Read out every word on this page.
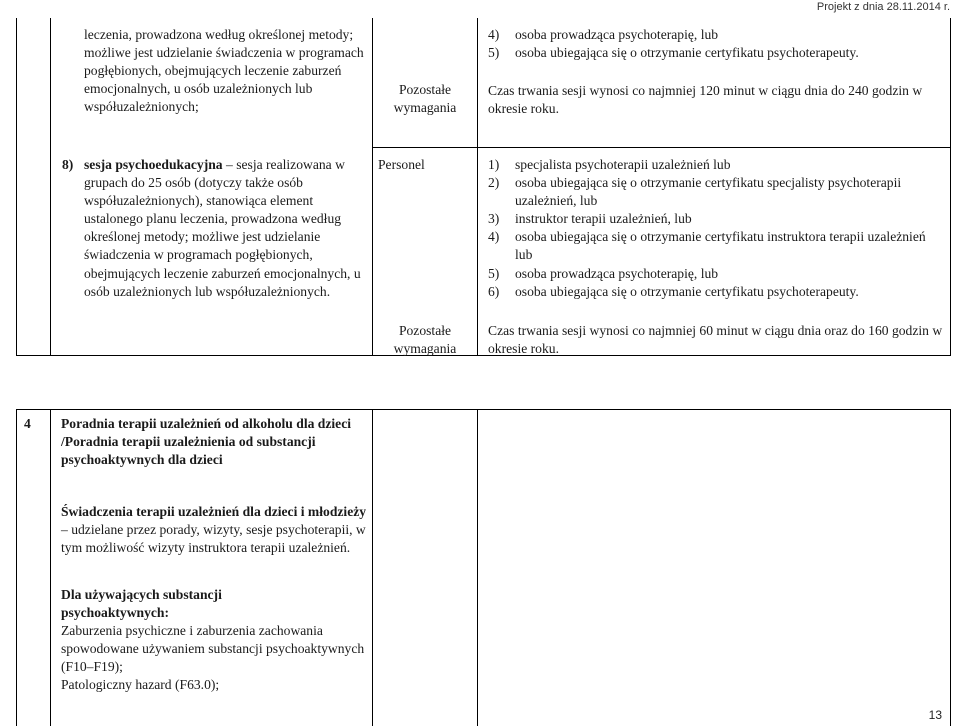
Projekt z dnia 28.11.2014 r.
leczenia, prowadzona według określonej metody; możliwe jest udzielanie świadczenia w programach pogłębionych, obejmujących leczenie zaburzeń emocjonalnych, u osób uzależnionych lub współuzależnionych;
Pozostałe wymagania
4) osoba prowadząca psychoterapię, lub
5) osoba ubiegająca się o otrzymanie certyfikatu psychoterapeuty.
Czas trwania sesji wynosi co najmniej 120 minut w ciągu dnia do 240 godzin w okresie roku.
8) sesja psychoedukacyjna – sesja realizowana w grupach do 25 osób (dotyczy także osób współuzależnionych), stanowiąca element ustalonego planu leczenia, prowadzona według określonej metody; możliwe jest udzielanie świadczenia w programach pogłębionych, obejmujących leczenie zaburzeń emocjonalnych, u osób uzależnionych lub współuzależnionych.
Personel
Pozostałe wymagania
1) specjalista psychoterapii uzależnień lub
2) osoba ubiegająca się o otrzymanie certyfikatu specjalisty psychoterapii uzależnień, lub
3) instruktor terapii uzależnień, lub
4) osoba ubiegająca się o otrzymanie certyfikatu instruktora terapii uzależnień lub
5) osoba prowadząca psychoterapię, lub
6) osoba ubiegająca się o otrzymanie certyfikatu psychoterapeuty.
Czas trwania sesji wynosi co najmniej 60 minut w ciągu dnia oraz do 160 godzin w okresie roku.
4 Poradnia terapii uzależnień od alkoholu dla dzieci /Poradnia terapii uzależnienia od substancji psychoaktywnych dla dzieci
Świadczenia terapii uzależnień dla dzieci i młodzieży – udzielane przez porady, wizyty, sesje psychoterapii, w tym możliwość wizyty instruktora terapii uzależnień.
Dla używających substancji psychoaktywnych:

Zaburzenia psychiczne i zaburzenia zachowania spowodowane używaniem substancji psychoaktywnych (F10–F19);

Patologiczny hazard (F63.0);

13
